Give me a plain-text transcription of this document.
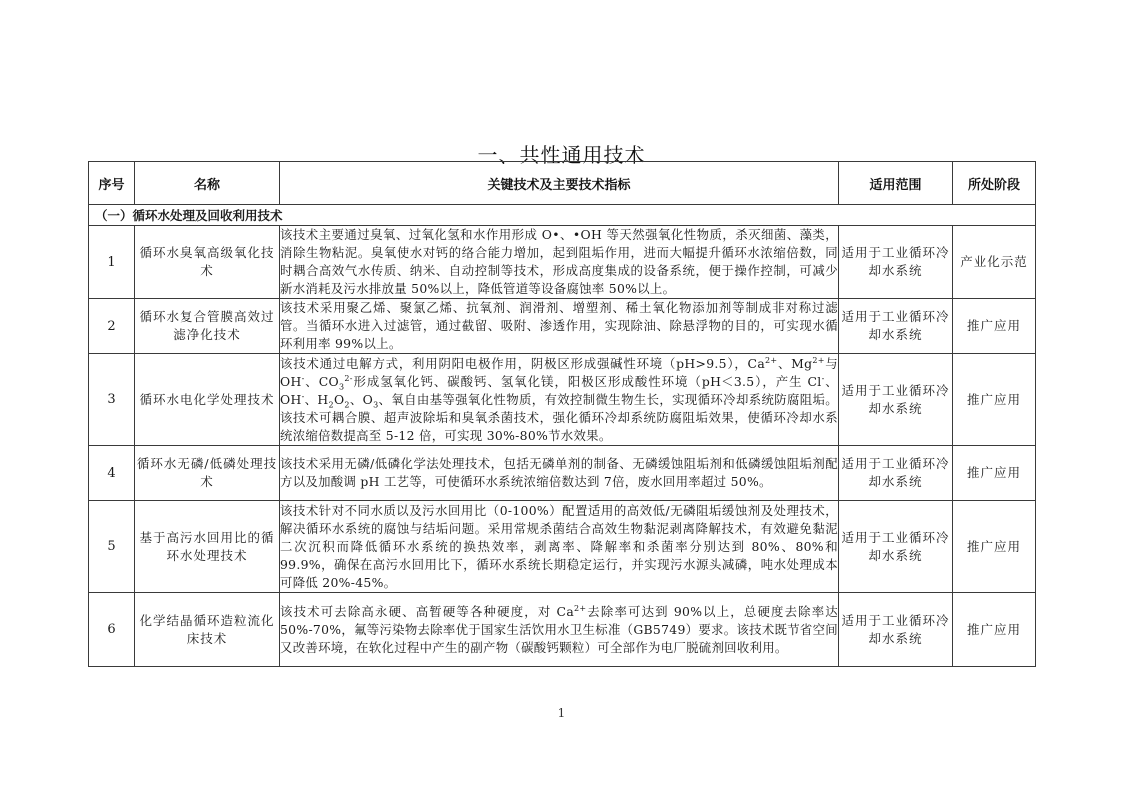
一、共性通用技术
序号	名称	关键技术及主要技术指标	适用范围	所处阶段
（一）循环水处理及回收利用技术				
1	循环水臭氧高级氧化技术	该技术主要通过臭氧、过氧化氢和水作用形成 O•、•OH 等天然强氧化性物质，杀灭细菌、藻类，消除生物粘泥。臭氧使水对钙的络合能力增加，起到阻垢作用，进而大幅提升循环水浓缩倍数，同时耦合高效气水传质、纳米、自动控制等技术，形成高度集成的设备系统，便于操作控制，可减少新水消耗及污水排放量 50%以上，降低管道等设备腐蚀率 50%以上。	适用于工业循环冷却水系统	产业化示范
2	循环水复合管膜高效过滤净化技术	该技术采用聚乙烯、聚氯乙烯、抗氧剂、润滑剂、增塑剂、稀土氧化物添加剂等制成非对称过滤管。当循环水进入过滤管，通过截留、吸附、渗透作用，实现除油、除悬浮物的目的，可实现水循环利用率 99%以上。	适用于工业循环冷却水系统	推广应用
3	循环水电化学处理技术	该技术通过电解方式，利用阴阳电极作用，阴极区形成强碱性环境（pH>9.5），$Ca^{2+}$、$Mg^{2+}$与 OH-、$CO_3^{2-}$形成氢氧化钙、碳酸钙、氢氧化镁，阳极区形成酸性环境（pH＜3.5），产生 Cl-、OH-、$H_2O_2$、$O_3$、氧自由基等强氧化性物质，有效控制微生物生长，实现循环冷却系统防腐阻垢。该技术可耦合膜、超声波除垢和臭氧杀菌技术，强化循环冷却系统防腐阻垢效果，使循环冷却水系统浓缩倍数提高至 5-12 倍，可实现 30%-80%节水效果。	适用于工业循环冷却水系统	推广应用
4	循环水无磷/低磷处理技术	该技术采用无磷/低磷化学法处理技术，包括无磷单剂的制备、无磷缓蚀阻垢剂和低磷缓蚀阻垢剂配方以及加酸调 pH 工艺等，可使循环水系统浓缩倍数达到 7倍，废水回用率超过 50%。	适用于工业循环冷却水系统	推广应用
5	基于高污水回用比的循环水处理技术	该技术针对不同水质以及污水回用比（0-100%）配置适用的高效低/无磷阻垢缓蚀剂及处理技术，解决循环水系统的腐蚀与结垢问题。采用常规杀菌结合高效生物黏泥剥离降解技术，有效避免黏泥二次沉积而降低循环水系统的换热效率，剥离率、降解率和杀菌率分别达到 80%、80%和 99.9%，确保在高污水回用比下，循环水系统长期稳定运行，并实现污水源头减磷，吨水处理成本可降低 20%-45%。	适用于工业循环冷却水系统	推广应用
6	化学结晶循环造粒流化床技术	该技术可去除高永硬、高暂硬等各种硬度，对 $Ca^{2+}$去除率可达到 90%以上，总硬度去除率达 50%-70%，氟等污染物去除率优于国家生活饮用水卫生标准（GB5749）要求。该技术既节省空间又改善环境，在软化过程中产生的副产物（碳酸钙颗粒）可全部作为电厂脱硫剂回收利用。	适用于工业循环冷却水系统	推广应用
1
